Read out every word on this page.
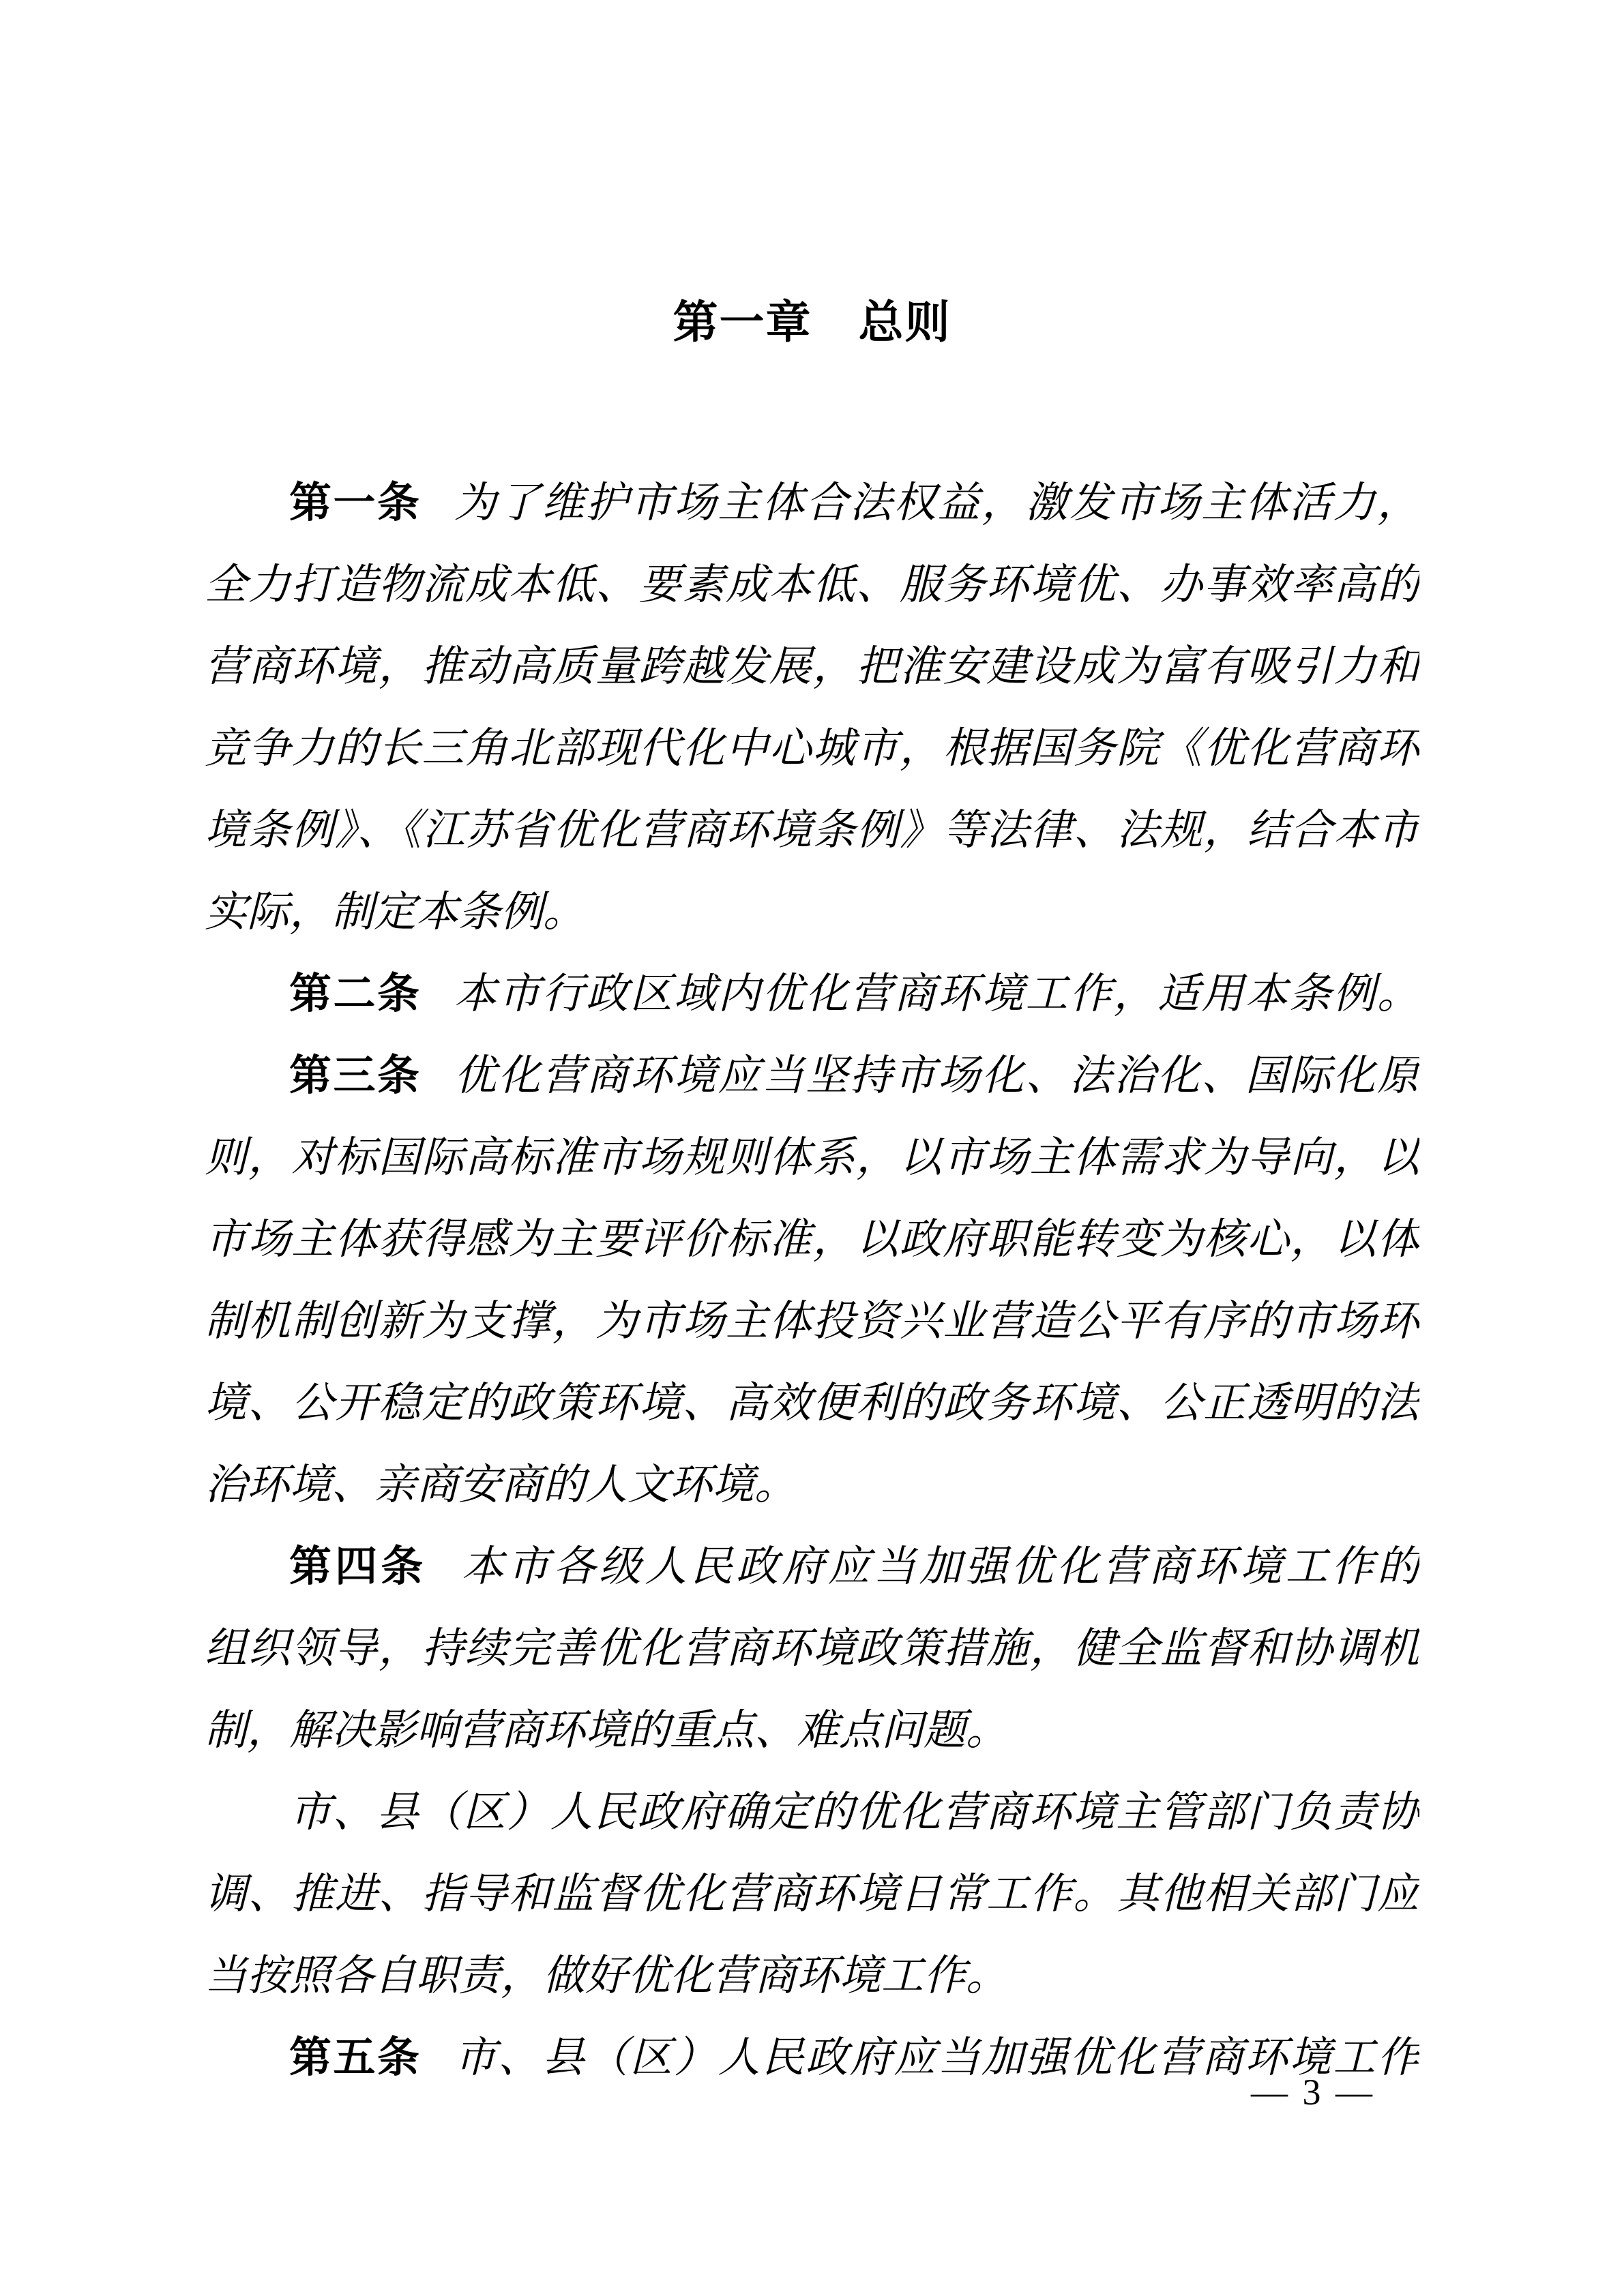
第一章　总则
第一条 为了维护市场主体合法权益，激发市场主体活力，
全力打造物流成本低、要素成本低、服务环境优、办事效率高的
营商环境，推动高质量跨越发展，把淮安建设成为富有吸引力和
竞争力的长三角北部现代化中心城市，根据国务院《优化营商环
境条例》、《江苏省优化营商环境条例》等法律、法规，结合本市
实际，制定本条例。
第二条 本市行政区域内优化营商环境工作，适用本条例。
第三条 优化营商环境应当坚持市场化、法治化、国际化原
则，对标国际高标准市场规则体系，以市场主体需求为导向，以
市场主体获得感为主要评价标准，以政府职能转变为核心，以体
制机制创新为支撑，为市场主体投资兴业营造公平有序的市场环
境、公开稳定的政策环境、高效便利的政务环境、公正透明的法
治环境、亲商安商的人文环境。
第四条 本市各级人民政府应当加强优化营商环境工作的
组织领导，持续完善优化营商环境政策措施，健全监督和协调机
制，解决影响营商环境的重点、难点问题。
市、县（区）人民政府确定的优化营商环境主管部门负责协
调、推进、指导和监督优化营商环境日常工作。其他相关部门应
当按照各自职责，做好优化营商环境工作。
第五条 市、县（区）人民政府应当加强优化营商环境工作
— 3 —
